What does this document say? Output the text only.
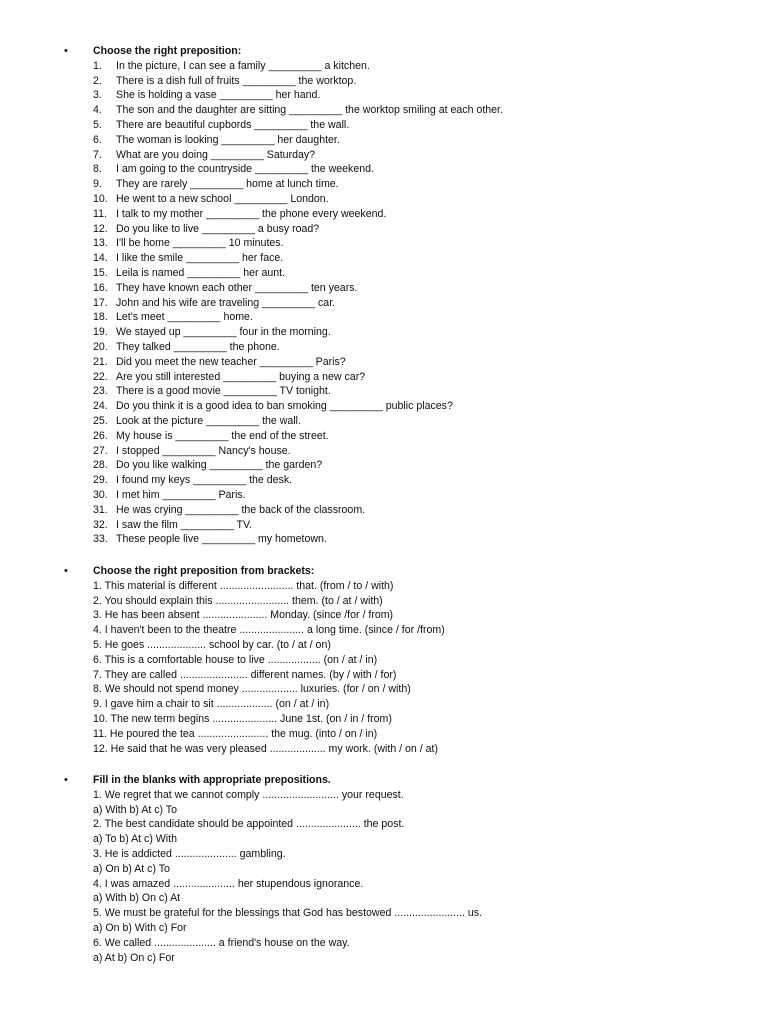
• Choose the right preposition:
1. In the picture, I can see a family _________ a kitchen.
2. There is a dish full of fruits _________ the worktop.
3. She is holding a vase _________ her hand.
4. The son and the daughter are sitting _________ the worktop smiling at each other.
5. There are beautiful cupbords _________ the wall.
6. The woman is looking _________ her daughter.
7. What are you doing _________ Saturday?
8. I am going to the countryside _________ the weekend.
9. They are rarely _________ home at lunch time.
10. He went to a new school _________ London.
11. I talk to my mother _________ the phone every weekend.
12. Do you like to live _________ a busy road?
13. I'll be home _________ 10 minutes.
14. I like the smile _________ her face.
15. Leila is named _________ her aunt.
16. They have known each other _________ ten years.
17. John and his wife are traveling _________ car.
18. Let's meet _________ home.
19. We stayed up _________ four in the morning.
20. They talked _________ the phone.
21. Did you meet the new teacher _________ Paris?
22. Are you still interested _________ buying a new car?
23. There is a good movie _________ TV tonight.
24. Do you think it is a good idea to ban smoking _________ public places?
25. Look at the picture _________ the wall.
26. My house is _________ the end of the street.
27. I stopped _________ Nancy's house.
28. Do you like walking _________ the garden?
29. I found my keys _________ the desk.
30. I met him _________ Paris.
31. He was crying _________ the back of the classroom.
32. I saw the film _________ TV.
33. These people live _________ my hometown.
• Choose the right preposition from brackets:
1. This material is different ......................... that. (from / to / with)
2. You should explain this ......................... them. (to / at / with)
3. He has been absent ...................... Monday. (since /for / from)
4. I haven't been to the theatre ...................... a long time. (since / for /from)
5. He goes .................... school by car. (to / at / on)
6. This is a comfortable house to live .................. (on / at / in)
7. They are called ....................... different names. (by / with / for)
8. We should not spend money ................... luxuries. (for / on / with)
9. I gave him a chair to sit ................... (on / at / in)
10. The new term begins ...................... June 1st. (on / in / from)
11. He poured the tea ........................ the mug. (into / on / in)
12. He said that he was very pleased ................... my work. (with / on / at)
• Fill in the blanks with appropriate prepositions.
1. We regret that we cannot comply .......................... your request.
a) With b) At c) To
2. The best candidate should be appointed ...................... the post.
a) To b) At c) With
3. He is addicted ..................... gambling.
a) On b) At c) To
4. I was amazed ..................... her stupendous ignorance.
a) With b) On c) At
5. We must be grateful for the blessings that God has bestowed ........................ us.
a) On b) With c) For
6. We called ..................... a friend's house on the way.
a) At b) On c) For
